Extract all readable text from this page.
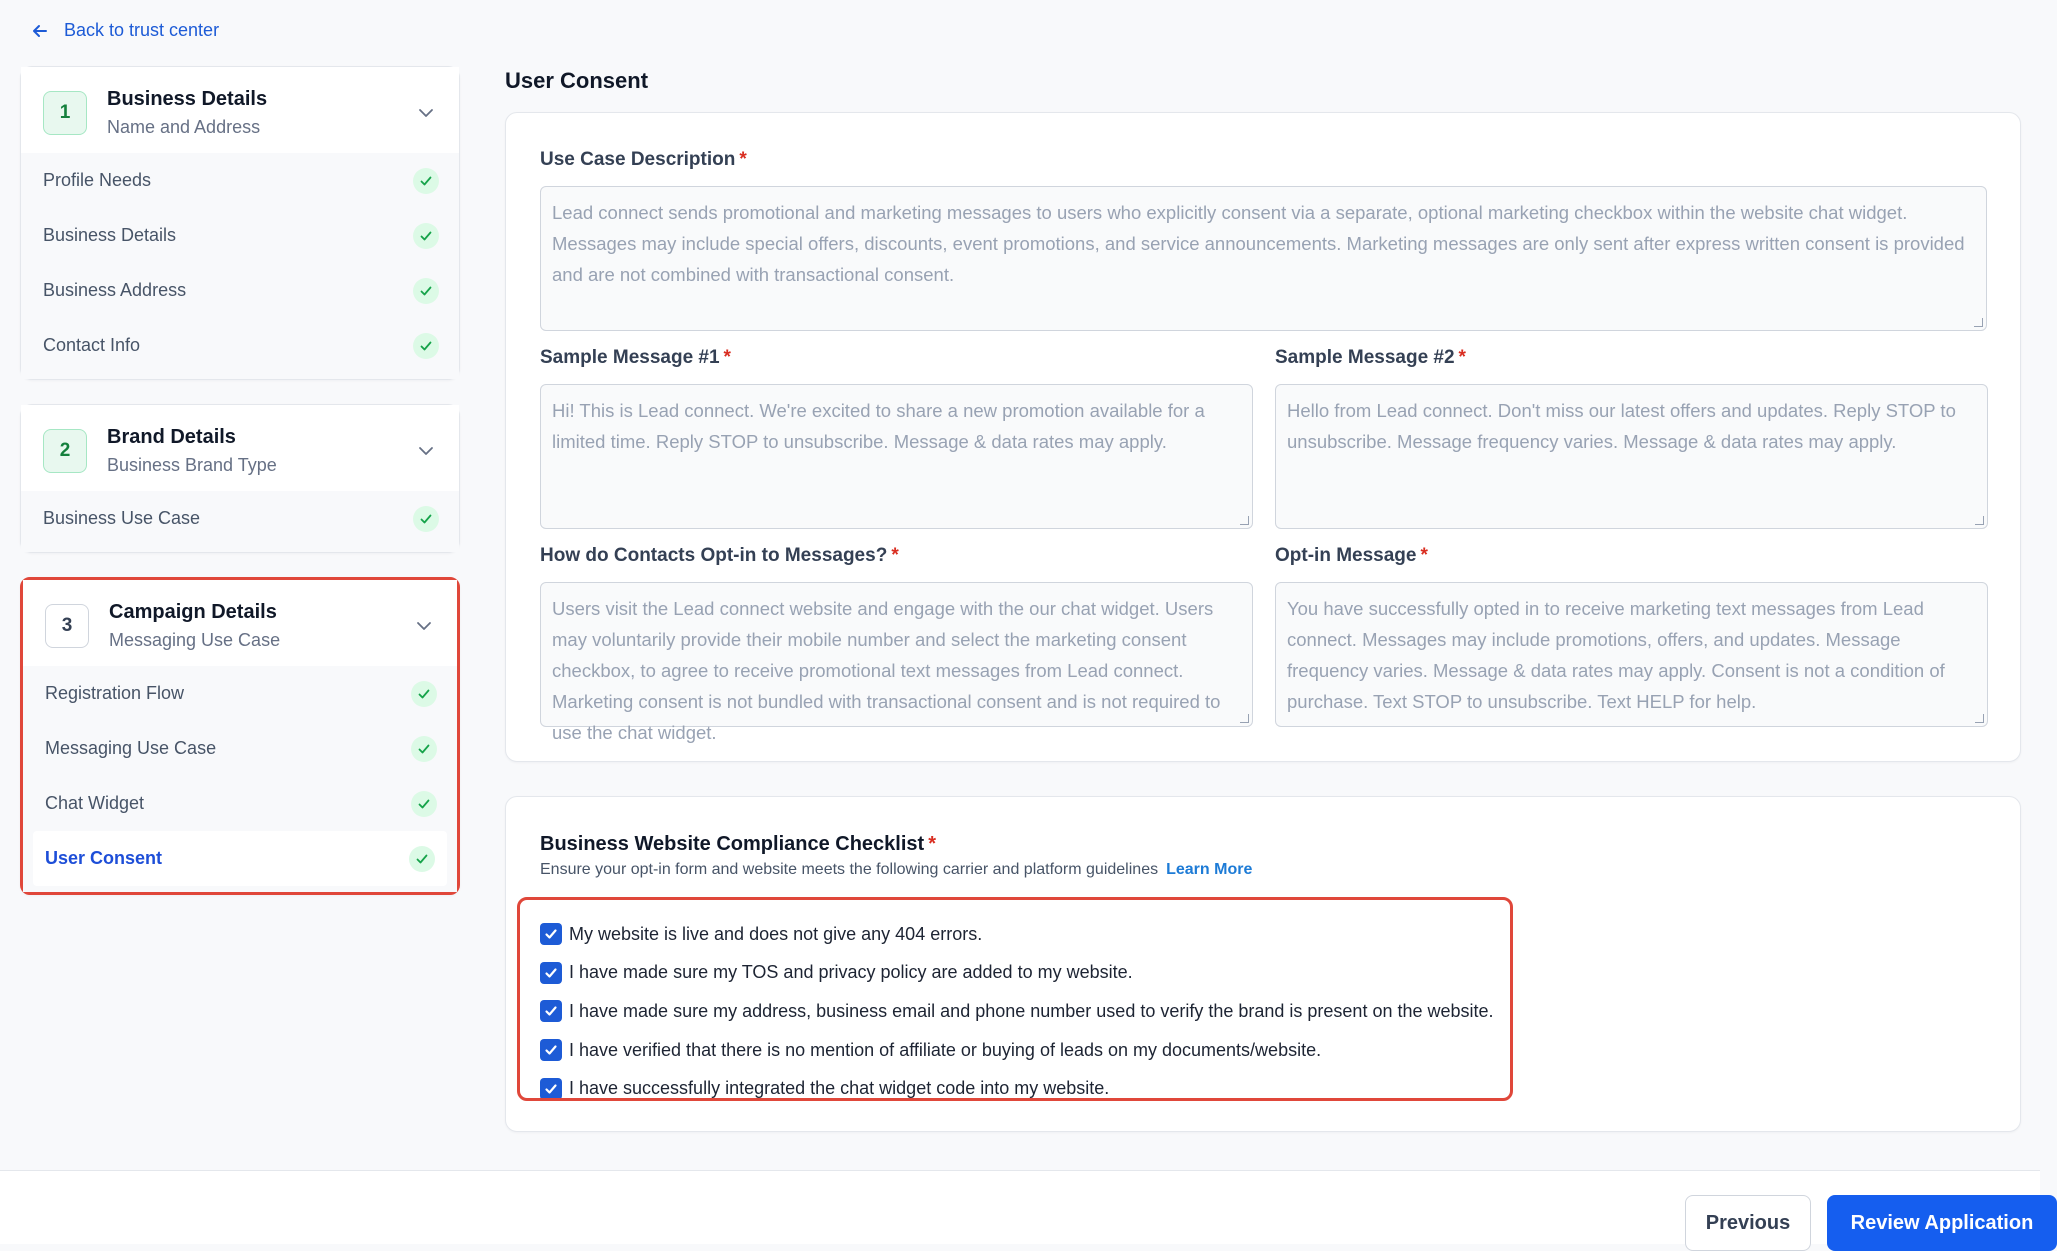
Back to trust center
1
Business Details
Name and Address
Profile Needs
Business Details
Business Address
Contact Info
2
Brand Details
Business Brand Type
Business Use Case
3
Campaign Details
Messaging Use Case
Registration Flow
Messaging Use Case
Chat Widget
User Consent
User Consent
Use Case Description *
Lead connect sends promotional and marketing messages to users who explicitly consent via a separate, optional marketing checkbox within the website chat widget. Messages may include special offers, discounts, event promotions, and service announcements. Marketing messages are only sent after express written consent is provided and are not combined with transactional consent.
Sample Message #1 *
Hi! This is Lead connect. We're excited to share a new promotion available for a limited time. Reply STOP to unsubscribe. Message & data rates may apply.
Sample Message #2 *
Hello from Lead connect. Don't miss our latest offers and updates. Reply STOP to unsubscribe. Message frequency varies. Message & data rates may apply.
How do Contacts Opt-in to Messages? *
Users visit the Lead connect website and engage with the our chat widget. Users may voluntarily provide their mobile number and select the marketing consent checkbox, to agree to receive promotional text messages from Lead connect. Marketing consent is not bundled with transactional consent and is not required to use the chat widget.
Opt-in Message *
You have successfully opted in to receive marketing text messages from Lead connect. Messages may include promotions, offers, and updates. Message frequency varies. Message & data rates may apply. Consent is not a condition of purchase. Text STOP to unsubscribe. Text HELP for help.
Business Website Compliance Checklist *
Ensure your opt-in form and website meets the following carrier and platform guidelines Learn More
My website is live and does not give any 404 errors.
I have made sure my TOS and privacy policy are added to my website.
I have made sure my address, business email and phone number used to verify the brand is present on the website.
I have verified that there is no mention of affiliate or buying of leads on my documents/website.
I have successfully integrated the chat widget code into my website.
Previous	Review Application
